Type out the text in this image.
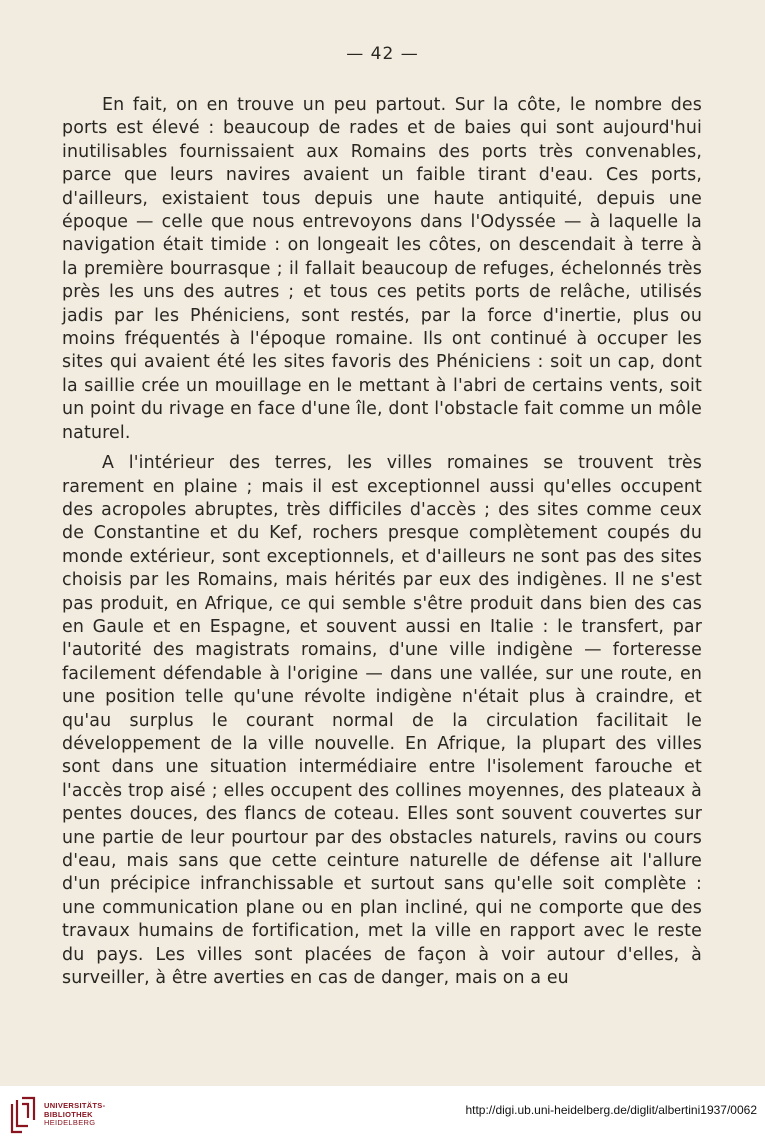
— 42 —

En fait, on en trouve un peu partout. Sur la côte, le nombre des ports est élevé : beaucoup de rades et de baies qui sont aujourd'hui inutilisables fournissaient aux Romains des ports très convenables, parce que leurs navires avaient un faible tirant d'eau. Ces ports, d'ailleurs, existaient tous depuis une haute antiquité, depuis une époque — celle que nous entrevoyons dans l'Odyssée — à laquelle la navigation était timide : on longeait les côtes, on descendait à terre à la première bourrasque ; il fallait beaucoup de refuges, échelonnés très près les uns des autres ; et tous ces petits ports de relâche, utilisés jadis par les Phéniciens, sont restés, par la force d'inertie, plus ou moins fréquentés à l'époque romaine. Ils ont continué à occuper les sites qui avaient été les sites favoris des Phéniciens : soit un cap, dont la saillie crée un mouillage en le mettant à l'abri de certains vents, soit un point du rivage en face d'une île, dont l'obstacle fait comme un môle naturel.

A l'intérieur des terres, les villes romaines se trouvent très rarement en plaine ; mais il est exceptionnel aussi qu'elles occupent des acropoles abruptes, très difficiles d'accès ; des sites comme ceux de Constantine et du Kef, rochers presque complètement coupés du monde extérieur, sont exceptionnels, et d'ailleurs ne sont pas des sites choisis par les Romains, mais hérités par eux des indigènes. Il ne s'est pas produit, en Afrique, ce qui semble s'être produit dans bien des cas en Gaule et en Espagne, et souvent aussi en Italie : le transfert, par l'autorité des magistrats romains, d'une ville indigène — forteresse facilement défendable à l'origine — dans une vallée, sur une route, en une position telle qu'une révolte indigène n'était plus à craindre, et qu'au surplus le courant normal de la circulation facilitait le développement de la ville nouvelle. En Afrique, la plupart des villes sont dans une situation intermédiaire entre l'isolement farouche et l'accès trop aisé ; elles occupent des collines moyennes, des plateaux à pentes douces, des flancs de coteau. Elles sont souvent couvertes sur une partie de leur pourtour par des obstacles naturels, ravins ou cours d'eau, mais sans que cette ceinture naturelle de défense ait l'allure d'un précipice infranchissable et surtout sans qu'elle soit complète : une communication plane ou en plan incliné, qui ne comporte que des travaux humains de fortification, met la ville en rapport avec le reste du pays. Les villes sont placées de façon à voir autour d'elles, à surveiller, à être averties en cas de danger, mais on a eu

UNIVERSITÄTS-
BIBLIOTHEK
HEIDELBERG
http://digi.ub.uni-heidelberg.de/diglit/albertini1937/0062
